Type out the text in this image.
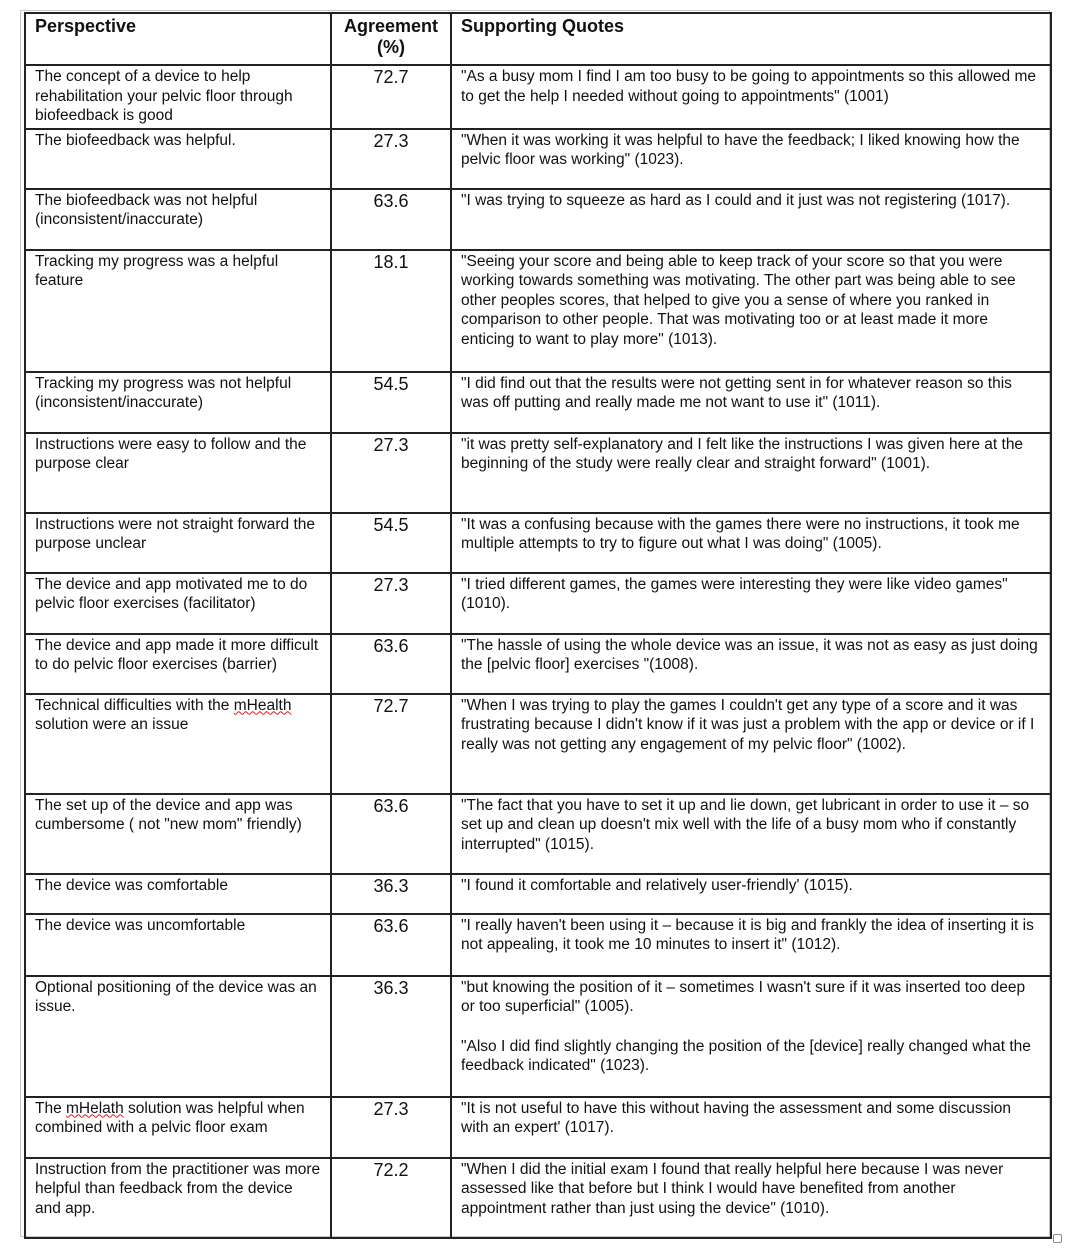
Perspective	Agreement (%)	Supporting Quotes
The concept of a device to help rehabilitation your pelvic floor through biofeedback is good	72.7	"As a busy mom I find I am too busy to be going to appointments so this allowed me to get the help I needed without going to appointments" (1001)

The biofeedback was helpful.	27.3	"When it was working it was helpful to have the feedback; I liked knowing how the pelvic floor was working" (1023).

The biofeedback was not helpful (inconsistent/inaccurate)	63.6	"I was trying to squeeze as hard as I could and it just was not registering (1017).

Tracking my progress was a helpful feature	18.1	"Seeing your score and being able to keep track of your score so that you were working towards something was motivating. The other part was being able to see other peoples scores, that helped to give you a sense of where you ranked in comparison to other people. That was motivating too or at least made it more enticing to want to play more" (1013).

Tracking my progress was not helpful (inconsistent/inaccurate)	54.5	"I did find out that the results were not getting sent in for whatever reason so this was off putting and really made me not want to use it" (1011).

Instructions were easy to follow and the purpose clear	27.3	"it was pretty self-explanatory and I felt like the instructions I was given here at the beginning of the study were really clear and straight forward" (1001).

Instructions were not straight forward the purpose unclear	54.5	"It was a confusing because with the games there were no instructions, it took me multiple attempts to try to figure out what I was doing" (1005).

The device and app motivated me to do pelvic floor exercises (facilitator)	27.3	"I tried different games, the games were interesting they were like video games" (1010).

The device and app made it more difficult to do pelvic floor exercises (barrier)	63.6	"The hassle of using the whole device was an issue, it was not as easy as just doing the [pelvic floor] exercises "(1008).

Technical difficulties with the mHealth solution were an issue	72.7	"When I was trying to play the games I couldn't get any type of a score and it was frustrating because I didn't know if it was just a problem with the app or device or if I really was not getting any engagement of my pelvic floor" (1002).

The set up of the device and app was cumbersome ( not "new mom" friendly)	63.6	"The fact that you have to set it up and lie down, get lubricant in order to use it – so set up and clean up doesn't mix well with the life of a busy mom who if constantly interrupted" (1015).

The device was comfortable	36.3	"I found it comfortable and relatively user-friendly' (1015).

The device was uncomfortable	63.6	"I really haven't been using it – because it is big and frankly the idea of inserting it is not appealing, it took me 10 minutes to insert it" (1012).

Optional positioning of the device was an issue.	36.3	"but knowing the position of it – sometimes I wasn't sure if it was inserted too deep or too superficial" (1005).
"Also I did find slightly changing the position of the [device] really changed what the feedback indicated" (1023).

The mHelath solution was helpful when combined with a pelvic floor exam	27.3	"It is not useful to have this without having the assessment and some discussion with an expert' (1017).

Instruction from the practitioner was more helpful than feedback from the device and app.	72.2	"When I did the initial exam I found that really helpful here because I was never assessed like that before but I think I would have benefited from another appointment rather than just using the device" (1010).
